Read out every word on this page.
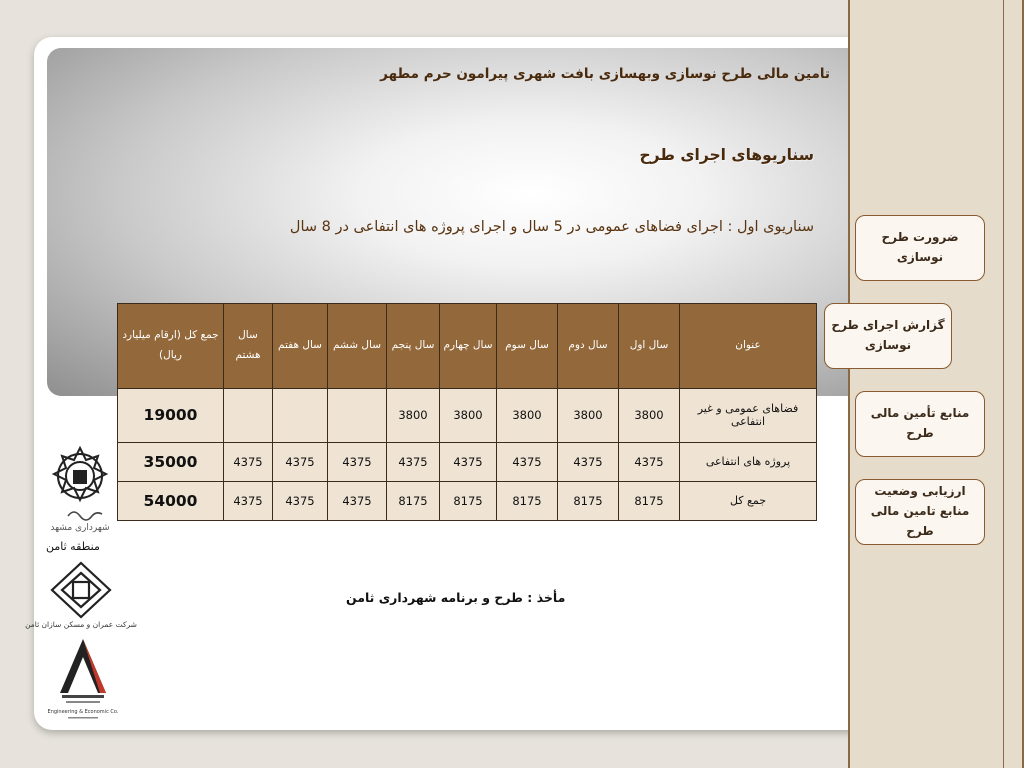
تامین مالی طرح نوسازی وبهسازی بافت شهری پیرامون حرم مطهر
سناریوهای اجرای طرح
سناریوی اول : اجرای فضاهای عمومی در 5 سال و اجرای پروژه های انتفاعی در 8 سال
عنوان	سال اول	سال دوم	سال سوم	سال چهارم	سال پنجم	سال ششم	سال هفتم	سال هشتم	جمع کل (ارقام میلیارد ریال)
فضاهای عمومی و غیر انتفاعی	3800	3800	3800	3800	3800				19000
پروژه های انتفاعی	4375	4375	4375	4375	4375	4375	4375	4375	35000
جمع کل	8175	8175	8175	8175	8175	4375	4375	4375	54000
مأخذ : طرح و برنامه شهرداری ثامن
شهرداری مشهد
منطقه ثامن
شرکت عمران و مسکن سازان ثامن
Engineering & Economic Co.
ضرورت طرح نوسازی
گزارش اجرای طرح نوسازی
منابع تأمین مالی طرح
ارزیابی وضعیت منابع تامین مالی طرح
